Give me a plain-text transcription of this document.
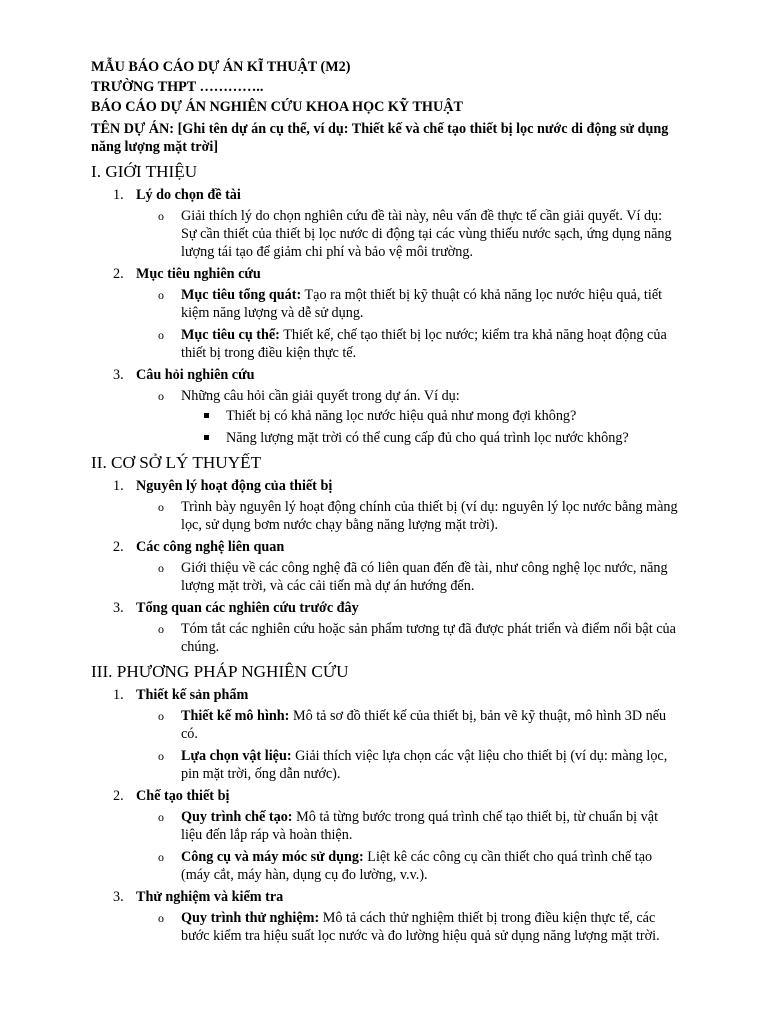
MẪU BÁO CÁO DỰ ÁN KĨ THUẬT (M2)
TRƯỜNG THPT …………..
BÁO CÁO DỰ ÁN NGHIÊN CỨU KHOA HỌC KỸ THUẬT
TÊN DỰ ÁN: [Ghi tên dự án cụ thể, ví dụ: Thiết kế và chế tạo thiết bị lọc nước di động sử dụng năng lượng mặt trời]
I. GIỚI THIỆU
1. Lý do chọn đề tài
o Giải thích lý do chọn nghiên cứu đề tài này, nêu vấn đề thực tế cần giải quyết. Ví dụ: Sự cần thiết của thiết bị lọc nước di động tại các vùng thiếu nước sạch, ứng dụng năng lượng tái tạo để giảm chi phí và bảo vệ môi trường.
2. Mục tiêu nghiên cứu
o Mục tiêu tổng quát: Tạo ra một thiết bị kỹ thuật có khả năng lọc nước hiệu quả, tiết kiệm năng lượng và dễ sử dụng.
o Mục tiêu cụ thể: Thiết kế, chế tạo thiết bị lọc nước; kiểm tra khả năng hoạt động của thiết bị trong điều kiện thực tế.
3. Câu hỏi nghiên cứu
o Những câu hỏi cần giải quyết trong dự án. Ví dụ:
Thiết bị có khả năng lọc nước hiệu quả như mong đợi không?
Năng lượng mặt trời có thể cung cấp đủ cho quá trình lọc nước không?
II. CƠ SỞ LÝ THUYẾT
1. Nguyên lý hoạt động của thiết bị
o Trình bày nguyên lý hoạt động chính của thiết bị (ví dụ: nguyên lý lọc nước bằng màng lọc, sử dụng bơm nước chạy bằng năng lượng mặt trời).
2. Các công nghệ liên quan
o Giới thiệu về các công nghệ đã có liên quan đến đề tài, như công nghệ lọc nước, năng lượng mặt trời, và các cải tiến mà dự án hướng đến.
3. Tổng quan các nghiên cứu trước đây
o Tóm tắt các nghiên cứu hoặc sản phẩm tương tự đã được phát triển và điểm nổi bật của chúng.
III. PHƯƠNG PHÁP NGHIÊN CỨU
1. Thiết kế sản phẩm
o Thiết kế mô hình: Mô tả sơ đồ thiết kế của thiết bị, bản vẽ kỹ thuật, mô hình 3D nếu có.
o Lựa chọn vật liệu: Giải thích việc lựa chọn các vật liệu cho thiết bị (ví dụ: màng lọc, pin mặt trời, ống dẫn nước).
2. Chế tạo thiết bị
o Quy trình chế tạo: Mô tả từng bước trong quá trình chế tạo thiết bị, từ chuẩn bị vật liệu đến lắp ráp và hoàn thiện.
o Công cụ và máy móc sử dụng: Liệt kê các công cụ cần thiết cho quá trình chế tạo (máy cắt, máy hàn, dụng cụ đo lường, v.v.).
3. Thử nghiệm và kiểm tra
o Quy trình thử nghiệm: Mô tả cách thử nghiệm thiết bị trong điều kiện thực tế, các bước kiểm tra hiệu suất lọc nước và đo lường hiệu quả sử dụng năng lượng mặt trời.
